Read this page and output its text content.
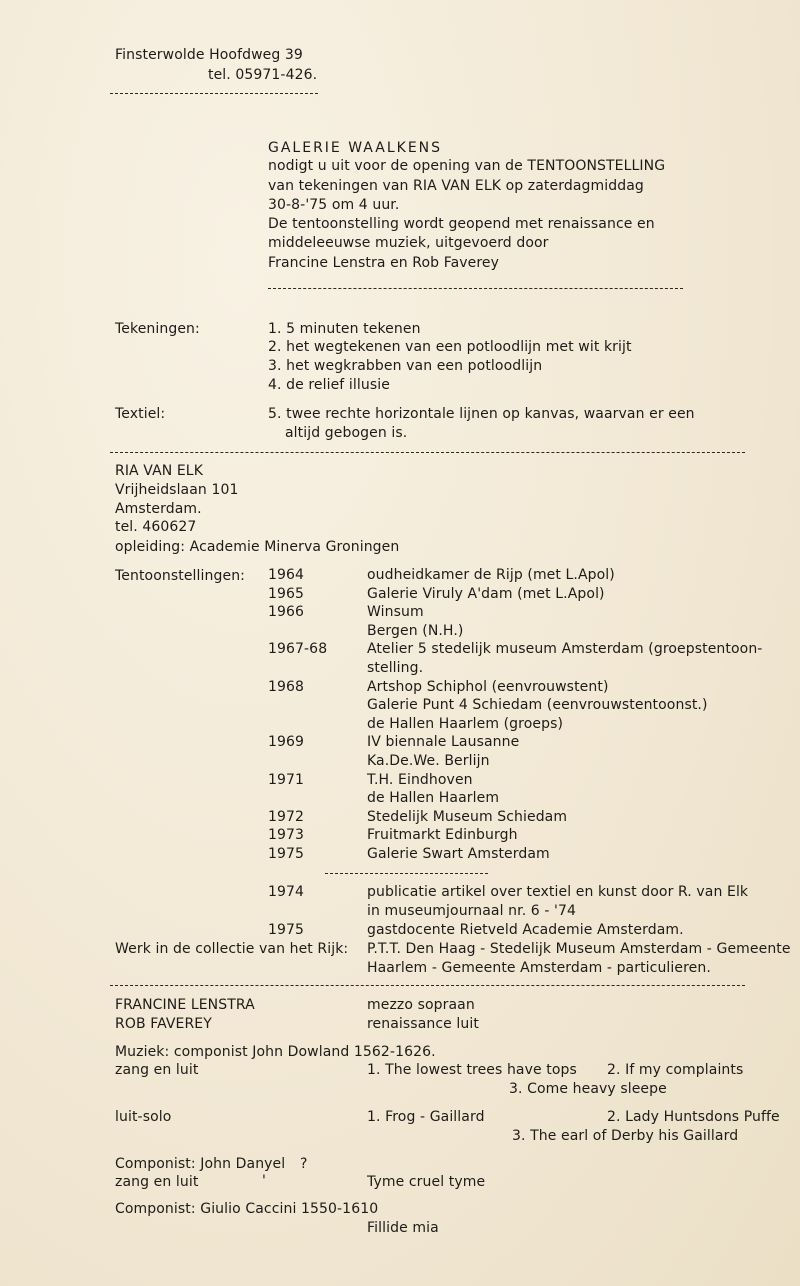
Finsterwolde Hoofdweg 39
tel. 05971-426.
GALERIE WAALKENS
nodigt u uit voor de opening van de TENTOONSTELLING
van tekeningen van RIA VAN ELK op zaterdagmiddag
30-8-'75 om 4 uur.
De tentoonstelling wordt geopend met renaissance en
middeleeuwse muziek, uitgevoerd door
Francine Lenstra en Rob Faverey
Tekeningen:	1. 5 minuten tekenen
2. het wegtekenen van een potloodlijn met wit krijt
3. het wegkrabben van een potloodlijn
4. de relief illusie
Textiel:	5. twee rechte horizontale lijnen op kanvas, waarvan er een
altijd gebogen is.
RIA VAN ELK
Vrijheidslaan 101
Amsterdam.
tel. 460627
opleiding: Academie Minerva Groningen
Tentoonstellingen: 1964	oudheidkamer de Rijp (met L.Apol)
1965	Galerie Viruly A'dam (met L.Apol)
1966	Winsum
Bergen (N.H.)
1967-68	Atelier 5 stedelijk museum Amsterdam (groepstentoon-
stelling.
1968	Artshop Schiphol (eenvrouwstent)
Galerie Punt 4 Schiedam (eenvrouwstentoonst.)
de Hallen Haarlem (groeps)
1969	IV biennale Lausanne
Ka.De.We. Berlijn
1971	T.H. Eindhoven
de Hallen Haarlem
1972	Stedelijk Museum Schiedam
1973	Fruitmarkt Edinburgh
1975	Galerie Swart Amsterdam
1974	publicatie artikel over textiel en kunst door R. van Elk
in museumjournaal nr. 6 - '74
1975	gastdocente Rietveld Academie Amsterdam.
Werk in de collectie van het Rijk: P.T.T. Den Haag - Stedelijk Museum Amsterdam - Gemeente
Haarlem - Gemeente Amsterdam - particulieren.
FRANCINE LENSTRA	mezzo sopraan
ROB FAVEREY	renaissance luit
Muziek: componist John Dowland 1562-1626.
zang en luit	1. The lowest trees have tops 2. If my complaints
3. Come heavy sleepe
luit-solo	1. Frog - Gaillard	2. Lady Huntsdons Puffe
3. The earl of Derby his Gaillard
Componist: John Danyel ?
zang en luit	'	Tyme cruel tyme
Componist: Giulio Caccini 1550-1610
Fillide mia
